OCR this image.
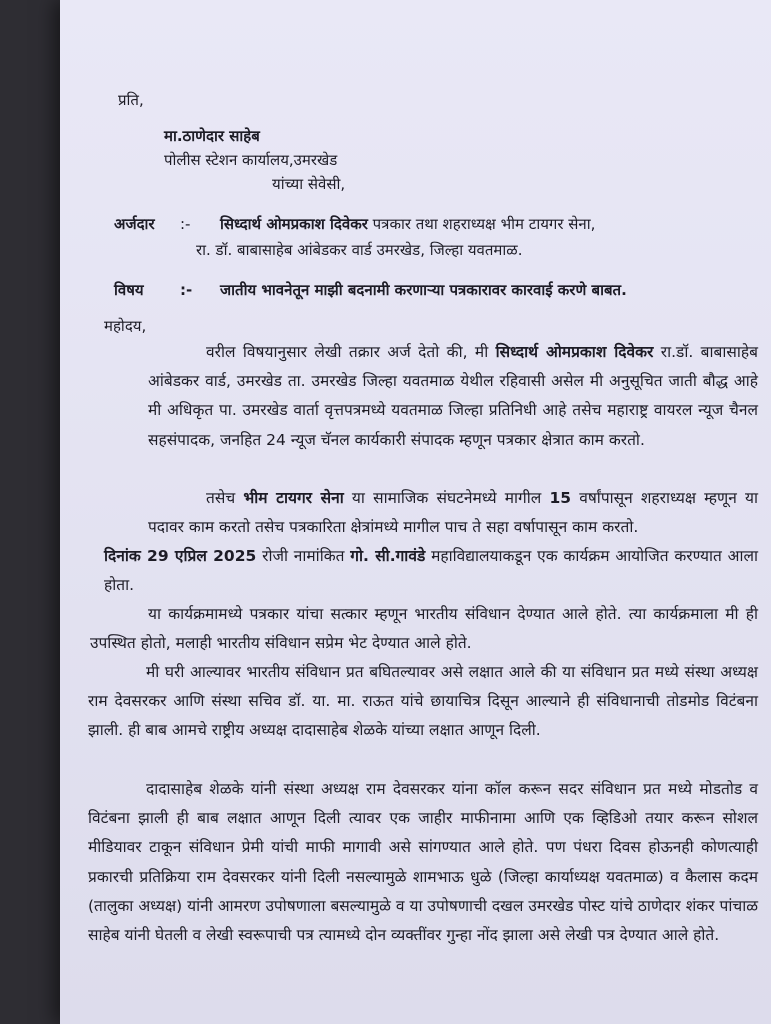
प्रति,
मा.ठाणेदार साहेब
पोलीस स्टेशन कार्यालय,उमरखेड
यांच्या सेवेसी,
अर्जदार :- सिध्दार्थ ओमप्रकाश दिवेकर पत्रकार तथा शहराध्यक्ष भीम टायगर सेना,
रा. डॉ. बाबासाहेब आंबेडकर वार्ड उमरखेड, जिल्हा यवतमाळ.
विषय :- जातीय भावनेतून माझी बदनामी करणाऱ्या पत्रकारावर कारवाई करणे बाबत.
महोदय,
वरील विषयानुसार लेखी तक्रार अर्ज देतो की, मी सिध्दार्थ ओमप्रकाश दिवेकर रा.डॉ. बाबासाहेब आंबेडकर वार्ड, उमरखेड ता. उमरखेड जिल्हा यवतमाळ येथील रहिवासी असेल मी अनुसूचित जाती बौद्ध आहे मी अधिकृत पा. उमरखेड वार्ता वृत्तपत्रमध्ये यवतमाळ जिल्हा प्रतिनिधी आहे तसेच महाराष्ट्र वायरल न्यूज चैनल सहसंपादक, जनहित 24 न्यूज चॅनल कार्यकारी संपादक म्हणून पत्रकार क्षेत्रात काम करतो.
तसेच भीम टायगर सेना या सामाजिक संघटनेमध्ये मागील 15 वर्षांपासून शहराध्यक्ष म्हणून या पदावर काम करतो तसेच पत्रकारिता क्षेत्रांमध्ये मागील पाच ते सहा वर्षापासून काम करतो.
दिनांक 29 एप्रिल 2025 रोजी नामांकित गो. सी.गावंडे महाविद्यालयाकडून एक कार्यक्रम आयोजित करण्यात आला होता.
या कार्यक्रमामध्ये पत्रकार यांचा सत्कार म्हणून भारतीय संविधान देण्यात आले होते. त्या कार्यक्रमाला मी ही उपस्थित होतो, मलाही भारतीय संविधान सप्रेम भेट देण्यात आले होते.
मी घरी आल्यावर भारतीय संविधान प्रत बघितल्यावर असे लक्षात आले की या संविधान प्रत मध्ये संस्था अध्यक्ष राम देवसरकर आणि संस्था सचिव डॉ. या. मा. राऊत यांचे छायाचित्र दिसून आल्याने ही संविधानाची तोडमोड विटंबना झाली. ही बाब आमचे राष्ट्रीय अध्यक्ष दादासाहेब शेळके यांच्या लक्षात आणून दिली.
दादासाहेब शेळके यांनी संस्था अध्यक्ष राम देवसरकर यांना कॉल करून सदर संविधान प्रत मध्ये मोडतोड व विटंबना झाली ही बाब लक्षात आणून दिली त्यावर एक जाहीर माफीनामा आणि एक व्हिडिओ तयार करून सोशल मीडियावर टाकून संविधान प्रेमी यांची माफी मागावी असे सांगण्यात आले होते. पण पंधरा दिवस होऊनही कोणत्याही प्रकारची प्रतिक्रिया राम देवसरकर यांनी दिली नसल्यामुळे शामभाऊ धुळे (जिल्हा कार्याध्यक्ष यवतमाळ) व कैलास कदम (तालुका अध्यक्ष) यांनी आमरण उपोषणाला बसल्यामुळे व या उपोषणाची दखल उमरखेड पोस्ट यांचे ठाणेदार शंकर पांचाळ साहेब यांनी घेतली व लेखी स्वरूपाची पत्र त्यामध्ये दोन व्यक्तींवर गुन्हा नोंद झाला असे लेखी पत्र देण्यात आले होते.
